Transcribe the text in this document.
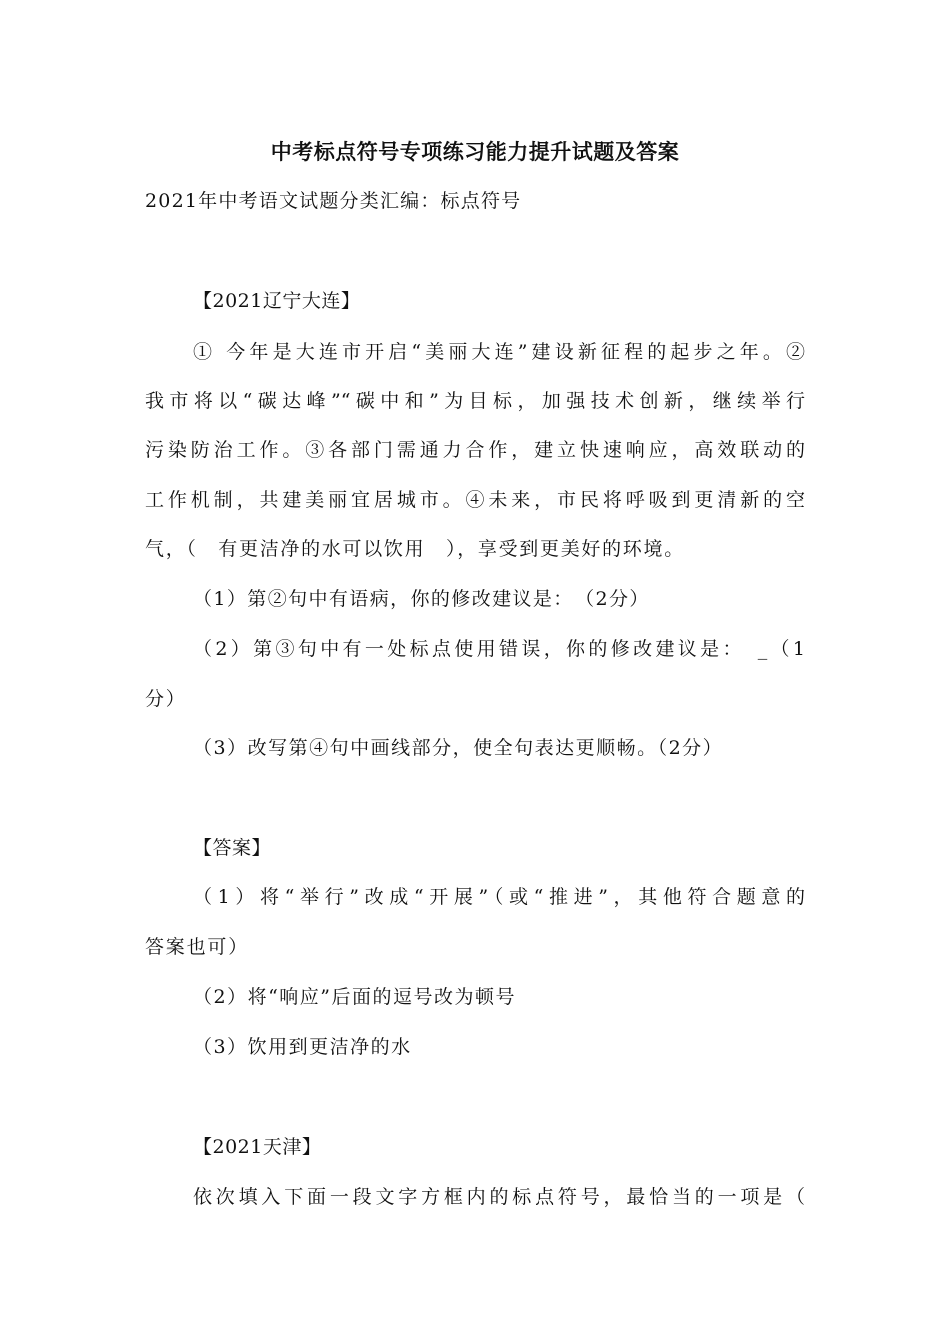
中考标点符号专项练习能力提升试题及答案
2021年中考语文试题分类汇编：标点符号
【2021辽宁大连】
① 今年是大连市开启“美丽大连”建设新征程的起步之年。②
我市将以“碳达峰”“碳中和”为目标，加强技术创新，继续举行
污染防治工作。③各部门需通力合作，建立快速响应，高效联动的
工作机制，共建美丽宜居城市。④未来，市民将呼吸到更清新的空
气，（　有更洁净的水可以饮用　），享受到更美好的环境。
（1）第②句中有语病，你的修改建议是：　（2分）
（2）第③句中有一处标点使用错误，你的修改建议是：　_（1
分）
（3）改写第④句中画线部分，使全句表达更顺畅。（2分）
【答案】
（1）将“举行”改成“开展”（或“推进”，其他符合题意的
答案也可）
（2）将“响应”后面的逗号改为顿号
（3）饮用到更洁净的水
【2021天津】
依次填入下面一段文字方框内的标点符号，最恰当的一项是（
